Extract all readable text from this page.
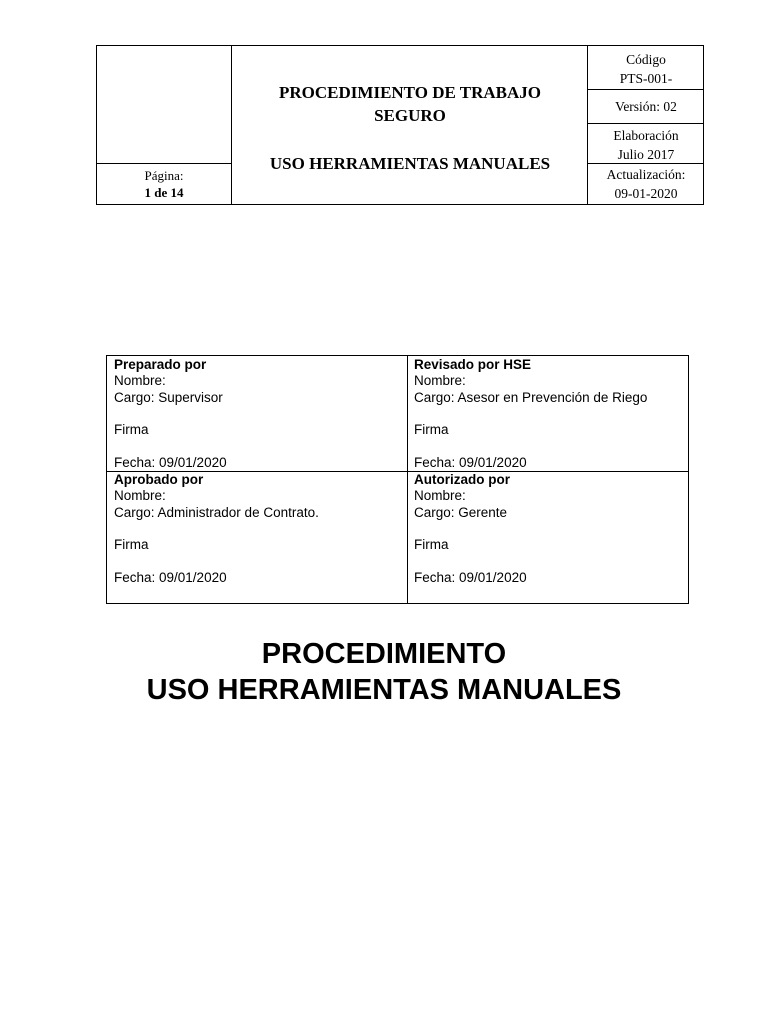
Página:
1 de 14
PROCEDIMIENTO DE TRABAJO
SEGURO
USO HERRAMIENTAS MANUALES
Código
PTS-001-
Versión: 02
Elaboración
Julio 2017
Actualización:
09-01-2020
Preparado por
Nombre:
Cargo: Supervisor
Firma
Fecha: 09/01/2020
Revisado por HSE
Nombre:
Cargo: Asesor en Prevención de Riego
Firma
Fecha: 09/01/2020
Aprobado por
Nombre:
Cargo: Administrador de Contrato.
Firma
Fecha: 09/01/2020
Autorizado por
Nombre:
Cargo: Gerente
Firma
Fecha: 09/01/2020
PROCEDIMIENTO
USO HERRAMIENTAS MANUALES
